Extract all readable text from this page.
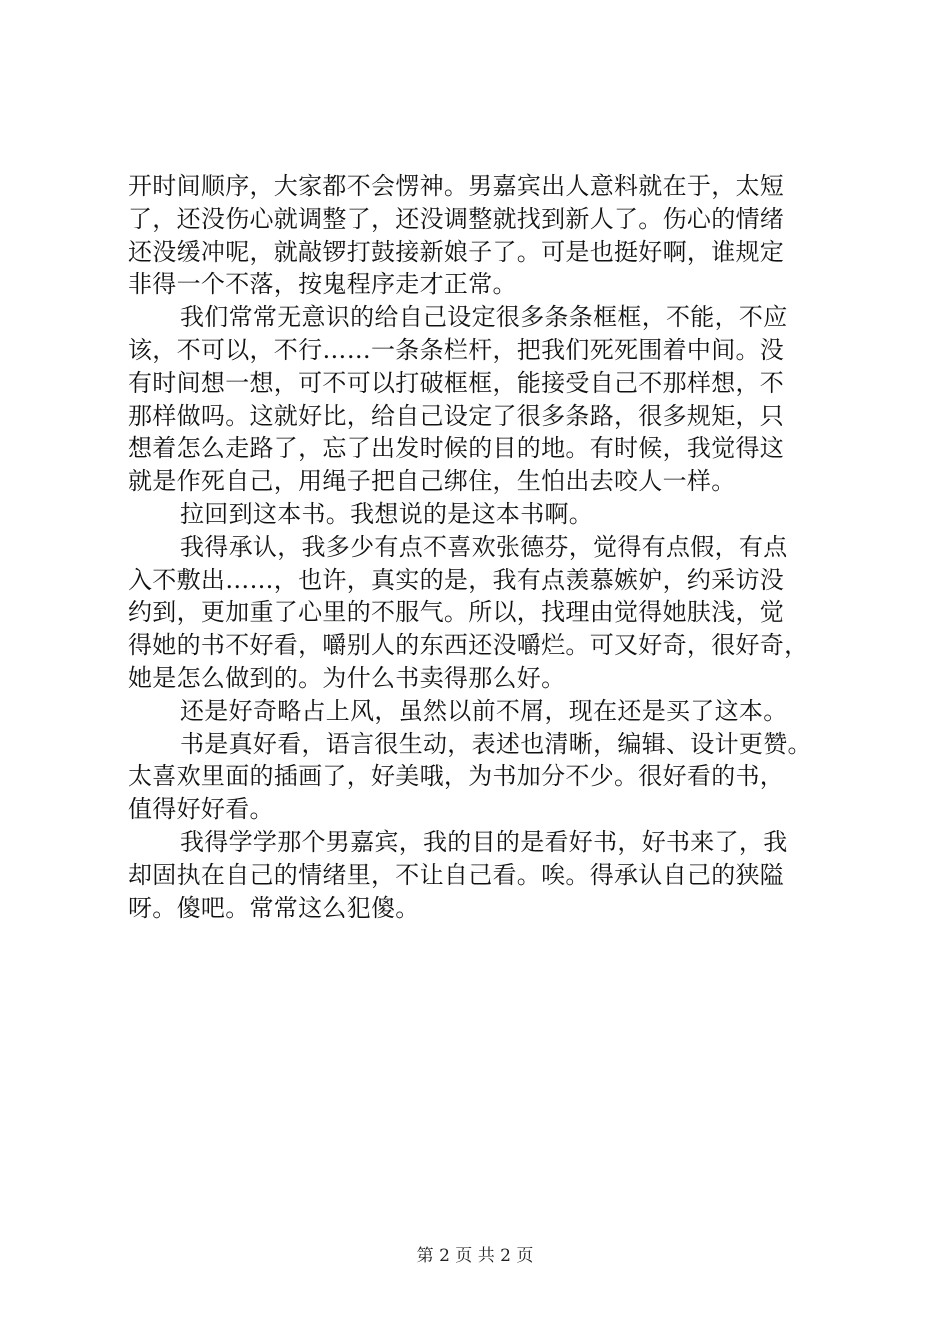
开时间顺序，大家都不会愣神。男嘉宾出人意料就在于，太短
了，还没伤心就调整了，还没调整就找到新人了。伤心的情绪
还没缓冲呢，就敲锣打鼓接新娘子了。可是也挺好啊，谁规定
非得一个不落，按鬼程序走才正常。
我们常常无意识的给自己设定很多条条框框，不能，不应
该，不可以，不行……一条条栏杆，把我们死死围着中间。没
有时间想一想，可不可以打破框框，能接受自己不那样想，不
那样做吗。这就好比，给自己设定了很多条路，很多规矩，只
想着怎么走路了，忘了出发时候的目的地。有时候，我觉得这
就是作死自己，用绳子把自己绑住，生怕出去咬人一样。
拉回到这本书。我想说的是这本书啊。
我得承认，我多少有点不喜欢张德芬，觉得有点假，有点
入不敷出……，也许，真实的是，我有点羡慕嫉妒，约采访没
约到，更加重了心里的不服气。所以，找理由觉得她肤浅，觉
得她的书不好看，嚼别人的东西还没嚼烂。可又好奇，很好奇，
她是怎么做到的。为什么书卖得那么好。
还是好奇略占上风，虽然以前不屑，现在还是买了这本。
书是真好看，语言很生动，表述也清晰，编辑、设计更赞。
太喜欢里面的插画了，好美哦，为书加分不少。很好看的书，
值得好好看。
我得学学那个男嘉宾，我的目的是看好书，好书来了，我
却固执在自己的情绪里，不让自己看。唉。得承认自己的狭隘
呀。傻吧。常常这么犯傻。
第 2 页 共 2 页
